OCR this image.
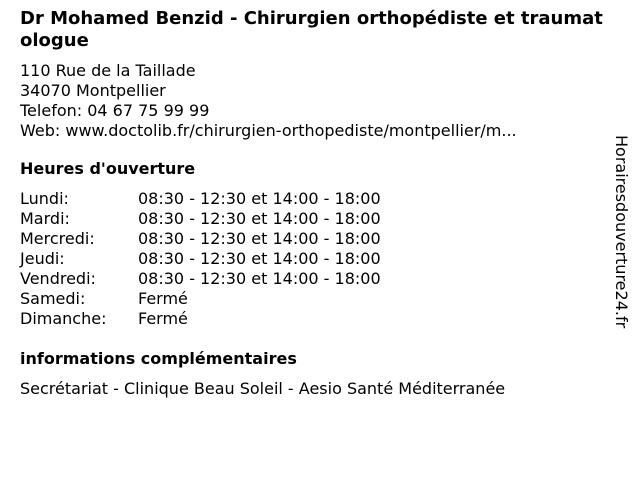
Dr Mohamed Benzid - Chirurgien orthopédiste et traumatologue
110 Rue de la Taillade
34070 Montpellier
Telefon: 04 67 75 99 99
Web: www.doctolib.fr/chirurgien-orthopediste/montpellier/m...
Heures d'ouverture
Lundi:	08:30 - 12:30 et 14:00 - 18:00
Mardi:	08:30 - 12:30 et 14:00 - 18:00
Mercredi:	08:30 - 12:30 et 14:00 - 18:00
Jeudi:	08:30 - 12:30 et 14:00 - 18:00
Vendredi:	08:30 - 12:30 et 14:00 - 18:00
Samedi:	Fermé
Dimanche:	Fermé
informations complémentaires
Secrétariat - Clinique Beau Soleil - Aesio Santé Méditerranée
Horairesdouverture24.fr
